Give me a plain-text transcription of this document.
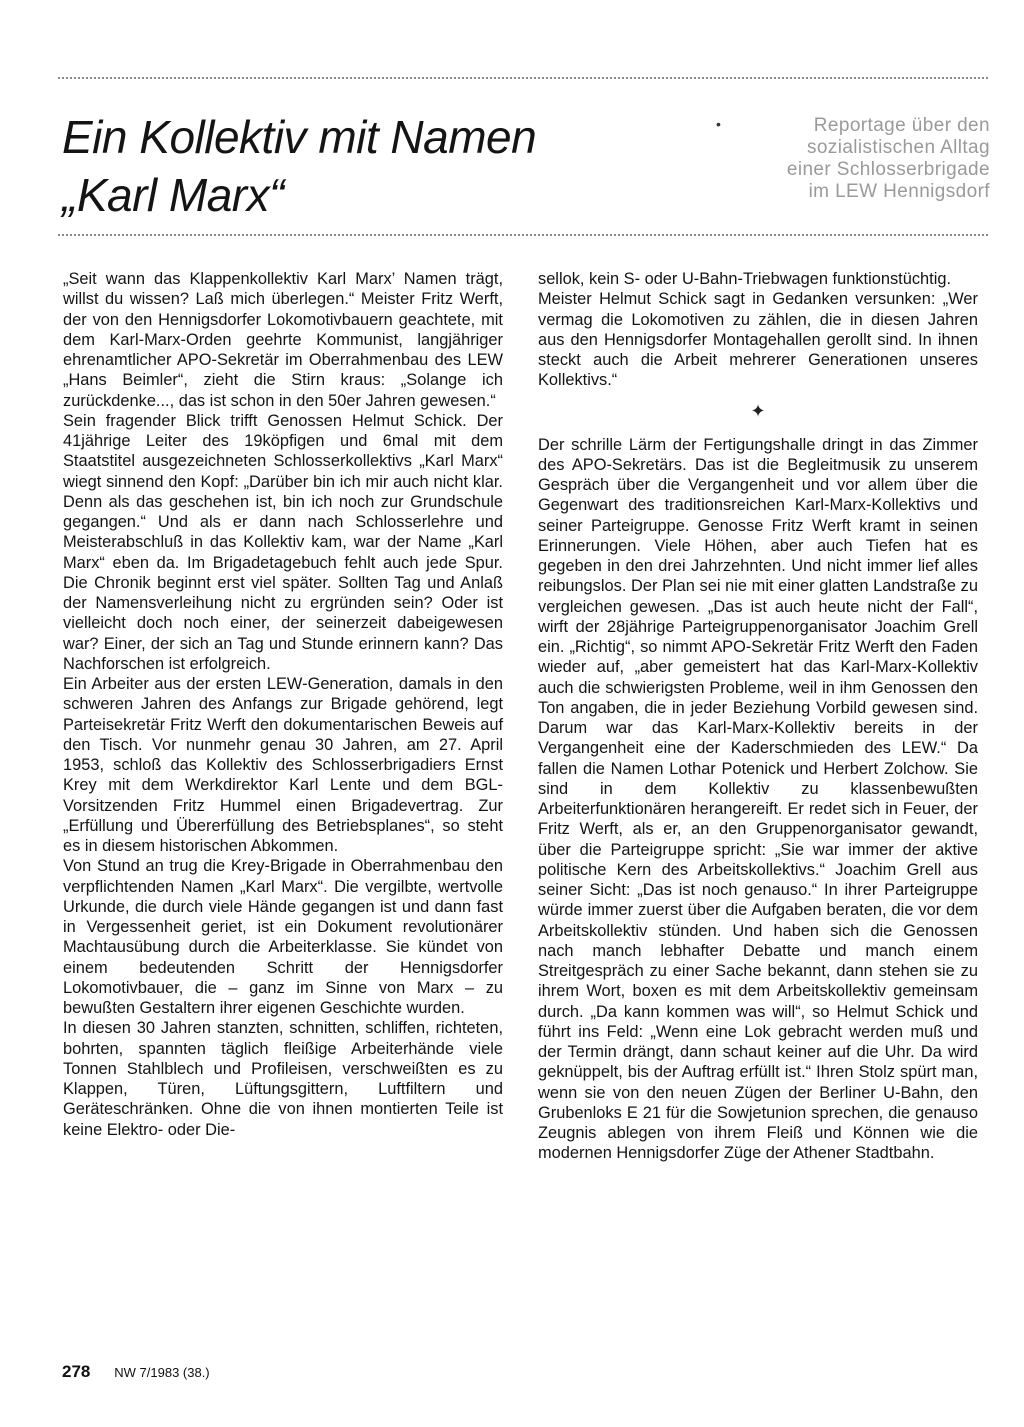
Ein Kollektiv mit Namen „Karl Marx“
•	Reportage über den
sozialistischen Alltag
einer Schlosserbrigade
im LEW Hennigsdorf

„Seit wann das Klappenkollektiv Karl Marx’ Namen trägt, willst du wissen? Laß mich überlegen.“ Meister Fritz Werft, der von den Hennigsdorfer Lokomotivbauern geachtete, mit dem Karl-Marx-Orden geehrte Kommunist, langjähriger ehrenamtlicher APO-Sekretär im Oberrahmenbau des LEW „Hans Beimler“, zieht die Stirn kraus: „Solange ich zurückdenke..., das ist schon in den 50er Jahren gewesen.“

Sein fragender Blick trifft Genossen Helmut Schick. Der 41jährige Leiter des 19köpfigen und 6mal mit dem Staatstitel ausgezeichneten Schlosserkollektivs „Karl Marx“ wiegt sinnend den Kopf: „Darüber bin ich mir auch nicht klar. Denn als das geschehen ist, bin ich noch zur Grundschule gegangen.“ Und als er dann nach Schlosserlehre und Meisterabschluß in das Kollektiv kam, war der Name „Karl Marx“ eben da. Im Brigadetagebuch fehlt auch jede Spur. Die Chronik beginnt erst viel später. Sollten Tag und Anlaß der Namensverleihung nicht zu ergründen sein? Oder ist vielleicht doch noch einer, der seinerzeit dabeigewesen war? Einer, der sich an Tag und Stunde erinnern kann? Das Nachforschen ist erfolgreich.

Ein Arbeiter aus der ersten LEW-Generation, damals in den schweren Jahren des Anfangs zur Brigade gehörend, legt Parteisekretär Fritz Werft den dokumentarischen Beweis auf den Tisch. Vor nunmehr genau 30 Jahren, am 27. April 1953, schloß das Kollektiv des Schlosserbrigadiers Ernst Krey mit dem Werkdirektor Karl Lente und dem BGL-Vorsitzenden Fritz Hummel einen Brigadevertrag. Zur „Erfüllung und Übererfüllung des Betriebsplanes“, so steht es in diesem historischen Abkommen.

Von Stund an trug die Krey-Brigade in Oberrahmenbau den verpflichtenden Namen „Karl Marx“. Die vergilbte, wertvolle Urkunde, die durch viele Hände gegangen ist und dann fast in Vergessenheit geriet, ist ein Dokument revolutionärer Machtausübung durch die Arbeiterklasse. Sie kündet von einem bedeutenden Schritt der Hennigsdorfer Lokomotivbauer, die – ganz im Sinne von Marx – zu bewußten Gestaltern ihrer eigenen Geschichte wurden.

In diesen 30 Jahren stanzten, schnitten, schliffen, richteten, bohrten, spannten täglich fleißige Arbeiterhände viele Tonnen Stahlblech und Profileisen, verschweißten es zu Klappen, Türen, Lüftungsgittern, Luftfiltern und Geräteschränken. Ohne die von ihnen montierten Teile ist keine Elektro- oder Die-

sellok, kein S- oder U-Bahn-Triebwagen funktionstüchtig.

Meister Helmut Schick sagt in Gedanken versunken: „Wer vermag die Lokomotiven zu zählen, die in diesen Jahren aus den Hennigsdorfer Montagehallen gerollt sind. In ihnen steckt auch die Arbeit mehrerer Generationen unseres Kollektivs.“

✦

Der schrille Lärm der Fertigungshalle dringt in das Zimmer des APO-Sekretärs. Das ist die Begleitmusik zu unserem Gespräch über die Vergangenheit und vor allem über die Gegenwart des traditionsreichen Karl-Marx-Kollektivs und seiner Parteigruppe. Genosse Fritz Werft kramt in seinen Erinnerungen. Viele Höhen, aber auch Tiefen hat es gegeben in den drei Jahrzehnten. Und nicht immer lief alles reibungslos. Der Plan sei nie mit einer glatten Landstraße zu vergleichen gewesen. „Das ist auch heute nicht der Fall“, wirft der 28jährige Parteigruppenorganisator Joachim Grell ein. „Richtig“, so nimmt APO-Sekretär Fritz Werft den Faden wieder auf, „aber gemeistert hat das Karl-Marx-Kollektiv auch die schwierigsten Probleme, weil in ihm Genossen den Ton angaben, die in jeder Beziehung Vorbild gewesen sind. Darum war das Karl-Marx-Kollektiv bereits in der Vergangenheit eine der Kaderschmieden des LEW.“ Da fallen die Namen Lothar Potenick und Herbert Zolchow. Sie sind in dem Kollektiv zu klassenbewußten Arbeiterfunktionären herangereift. Er redet sich in Feuer, der Fritz Werft, als er, an den Gruppenorganisator gewandt, über die Parteigruppe spricht: „Sie war immer der aktive politische Kern des Arbeitskollektivs.“ Joachim Grell aus seiner Sicht: „Das ist noch genauso.“ In ihrer Parteigruppe würde immer zuerst über die Aufgaben beraten, die vor dem Arbeitskollektiv stünden. Und haben sich die Genossen nach manch lebhafter Debatte und manch einem Streitgespräch zu einer Sache bekannt, dann stehen sie zu ihrem Wort, boxen es mit dem Arbeitskollektiv gemeinsam durch. „Da kann kommen was will“, so Helmut Schick und führt ins Feld: „Wenn eine Lok gebracht werden muß und der Termin drängt, dann schaut keiner auf die Uhr. Da wird geknüppelt, bis der Auftrag erfüllt ist.“ Ihren Stolz spürt man, wenn sie von den neuen Zügen der Berliner U-Bahn, den Grubenloks E 21 für die Sowjetunion sprechen, die genauso Zeugnis ablegen von ihrem Fleiß und Können wie die modernen Hennigsdorfer Züge der Athener Stadtbahn.

278 NW 7/1983 (38.)
